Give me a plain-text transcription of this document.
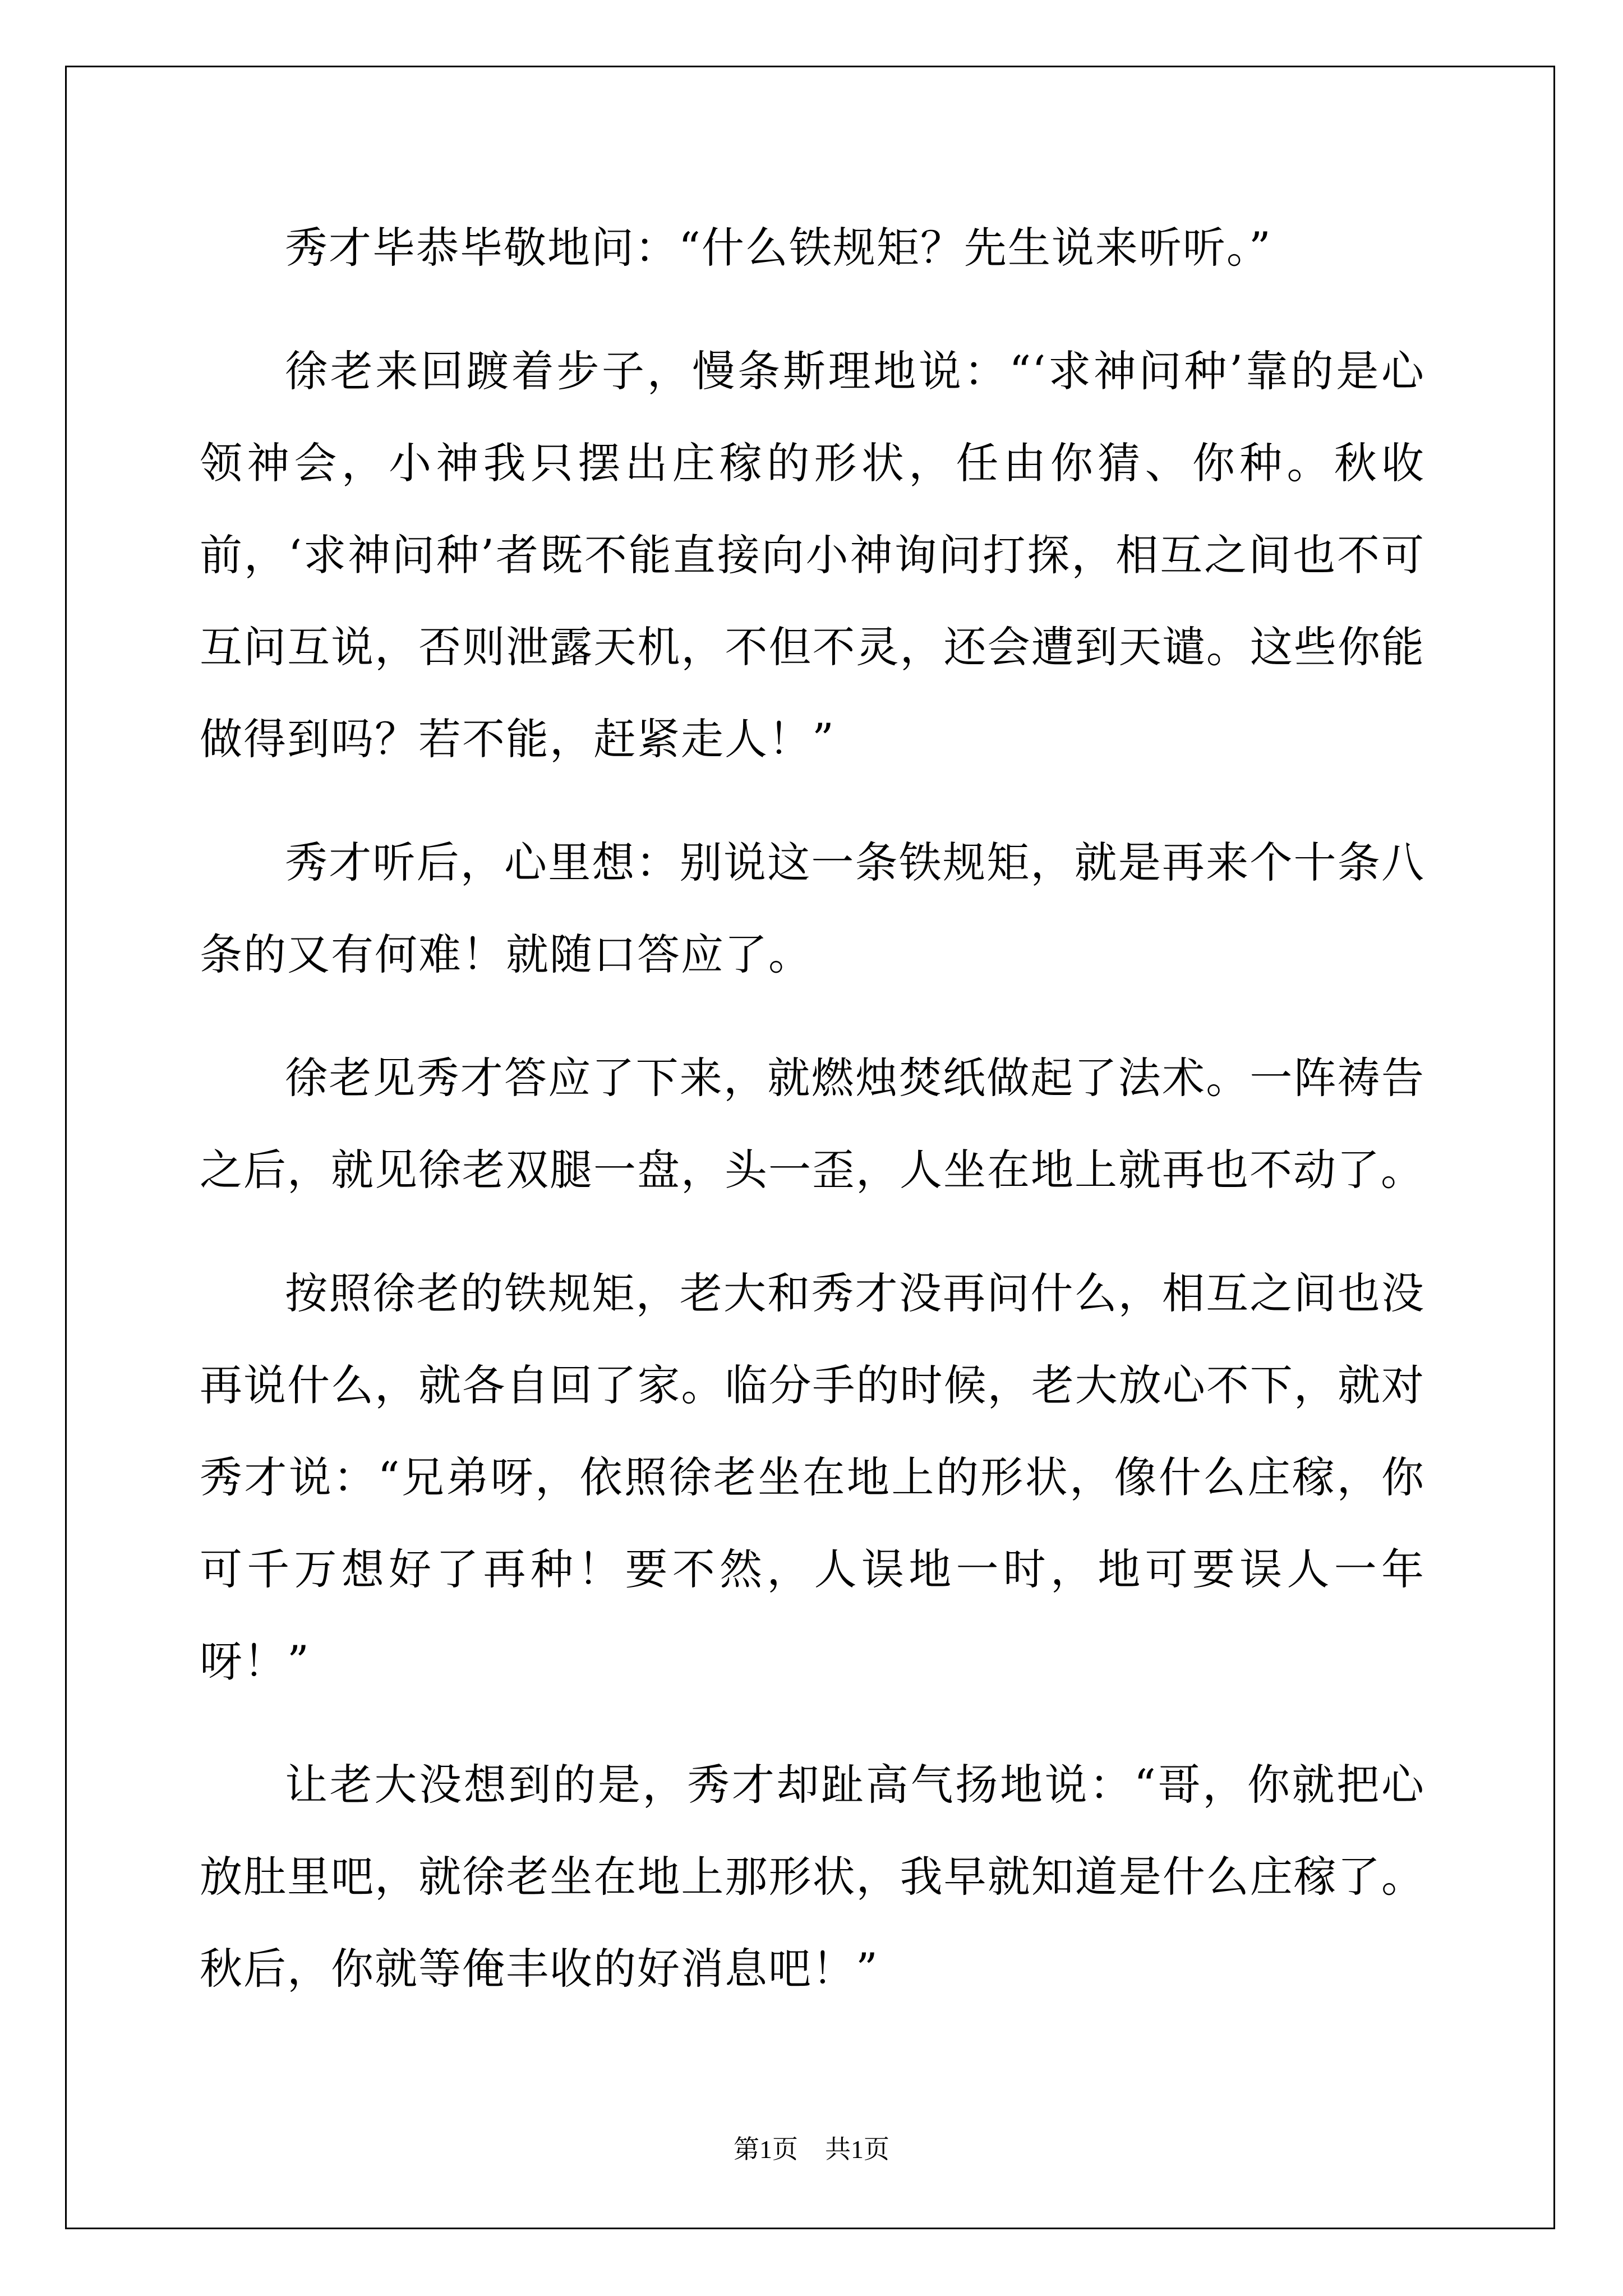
秀才毕恭毕敬地问：“什么铁规矩？先生说来听听。”

徐老来回踱着步子，慢条斯理地说：“‘求神问种’靠的是心领神会，小神我只摆出庄稼的形状，任由你猜、你种。秋收前，‘求神问种’者既不能直接向小神询问打探，相互之间也不可互问互说，否则泄露天机，不但不灵，还会遭到天谴。这些你能做得到吗？若不能，赶紧走人！”

秀才听后，心里想：别说这一条铁规矩，就是再来个十条八条的又有何难！就随口答应了。

徐老见秀才答应了下来，就燃烛焚纸做起了法术。一阵祷告之后，就见徐老双腿一盘，头一歪，人坐在地上就再也不动了。

按照徐老的铁规矩，老大和秀才没再问什么，相互之间也没再说什么，就各自回了家。临分手的时候，老大放心不下，就对秀才说：“兄弟呀，依照徐老坐在地上的形状，像什么庄稼，你可千万想好了再种！要不然，人误地一时，地可要误人一年呀！”

让老大没想到的是，秀才却趾高气扬地说：“哥，你就把心放肚里吧，就徐老坐在地上那形状，我早就知道是什么庄稼了。秋后，你就等俺丰收的好消息吧！”

第1页 共1页
